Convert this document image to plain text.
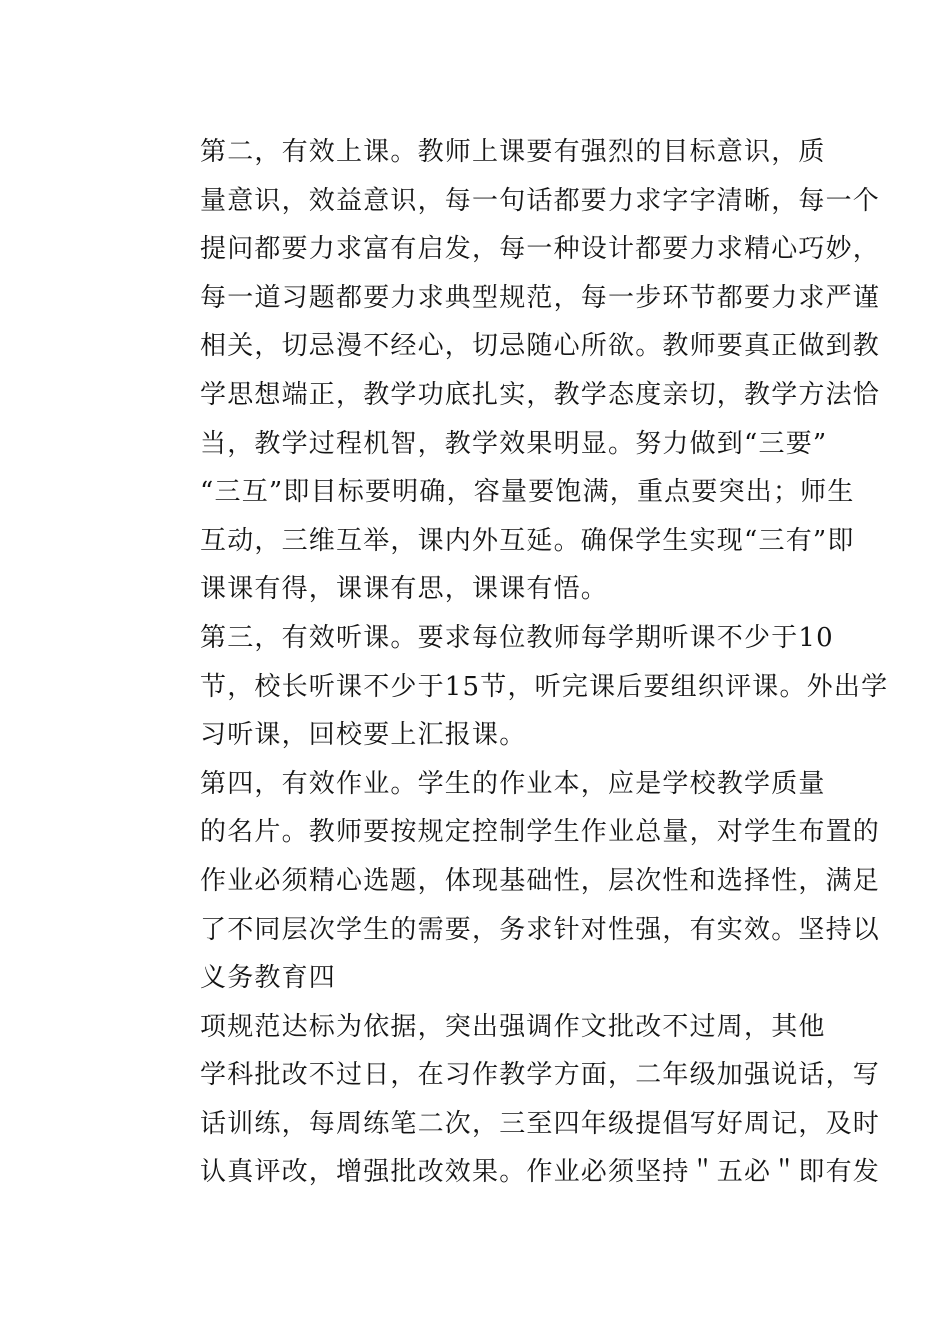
第二，有效上课。教师上课要有强烈的目标意识，质
量意识，效益意识，每一句话都要力求字字清晰，每一个
提问都要力求富有启发，每一种设计都要力求精心巧妙，
每一道习题都要力求典型规范，每一步环节都要力求严谨
相关，切忌漫不经心，切忌随心所欲。教师要真正做到教
学思想端正，教学功底扎实，教学态度亲切，教学方法恰
当，教学过程机智，教学效果明显。努力做到“三要”
“三互”即目标要明确，容量要饱满，重点要突出；师生
互动，三维互举，课内外互延。确保学生实现“三有”即
课课有得，课课有思，课课有悟。

第三，有效听课。要求每位教师每学期听课不少于10
节，校长听课不少于15节，听完课后要组织评课。外出学
习听课，回校要上汇报课。

第四，有效作业。学生的作业本，应是学校教学质量
的名片。教师要按规定控制学生作业总量，对学生布置的
作业必须精心选题，体现基础性，层次性和选择性，满足
了不同层次学生的需要，务求针对性强，有实效。坚持以
义务教育四

项规范达标为依据，突出强调作文批改不过周，其他
学科批改不过日，在习作教学方面，二年级加强说话，写
话训练，每周练笔二次，三至四年级提倡写好周记，及时
认真评改，增强批改效果。作业必须坚持＂五必＂即有发
